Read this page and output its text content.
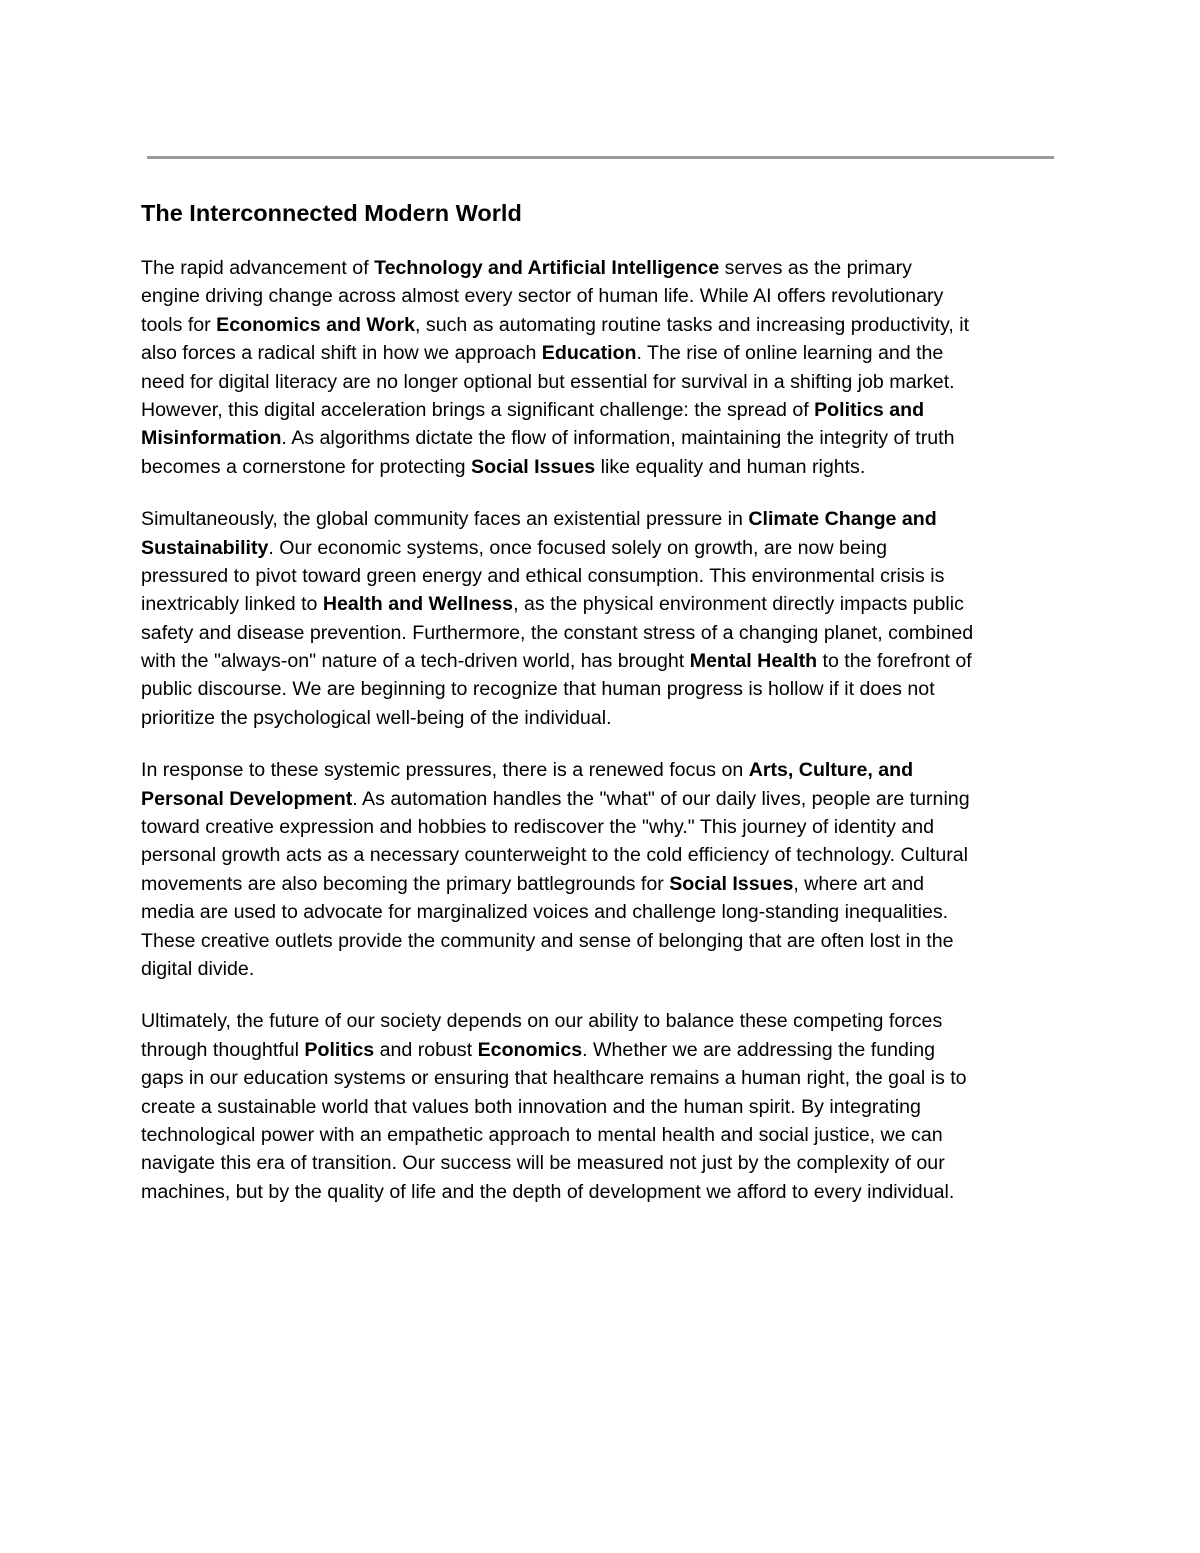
The Interconnected Modern World

The rapid advancement of Technology and Artificial Intelligence serves as the primary
engine driving change across almost every sector of human life. While AI offers revolutionary
tools for Economics and Work, such as automating routine tasks and increasing productivity, it
also forces a radical shift in how we approach Education. The rise of online learning and the
need for digital literacy are no longer optional but essential for survival in a shifting job market.
However, this digital acceleration brings a significant challenge: the spread of Politics and
Misinformation. As algorithms dictate the flow of information, maintaining the integrity of truth
becomes a cornerstone for protecting Social Issues like equality and human rights.

Simultaneously, the global community faces an existential pressure in Climate Change and
Sustainability. Our economic systems, once focused solely on growth, are now being
pressured to pivot toward green energy and ethical consumption. This environmental crisis is
inextricably linked to Health and Wellness, as the physical environment directly impacts public
safety and disease prevention. Furthermore, the constant stress of a changing planet, combined
with the "always-on" nature of a tech-driven world, has brought Mental Health to the forefront of
public discourse. We are beginning to recognize that human progress is hollow if it does not
prioritize the psychological well-being of the individual.

In response to these systemic pressures, there is a renewed focus on Arts, Culture, and
Personal Development. As automation handles the "what" of our daily lives, people are turning
toward creative expression and hobbies to rediscover the "why." This journey of identity and
personal growth acts as a necessary counterweight to the cold efficiency of technology. Cultural
movements are also becoming the primary battlegrounds for Social Issues, where art and
media are used to advocate for marginalized voices and challenge long-standing inequalities.
These creative outlets provide the community and sense of belonging that are often lost in the
digital divide.

Ultimately, the future of our society depends on our ability to balance these competing forces
through thoughtful Politics and robust Economics. Whether we are addressing the funding
gaps in our education systems or ensuring that healthcare remains a human right, the goal is to
create a sustainable world that values both innovation and the human spirit. By integrating
technological power with an empathetic approach to mental health and social justice, we can
navigate this era of transition. Our success will be measured not just by the complexity of our
machines, but by the quality of life and the depth of development we afford to every individual.
